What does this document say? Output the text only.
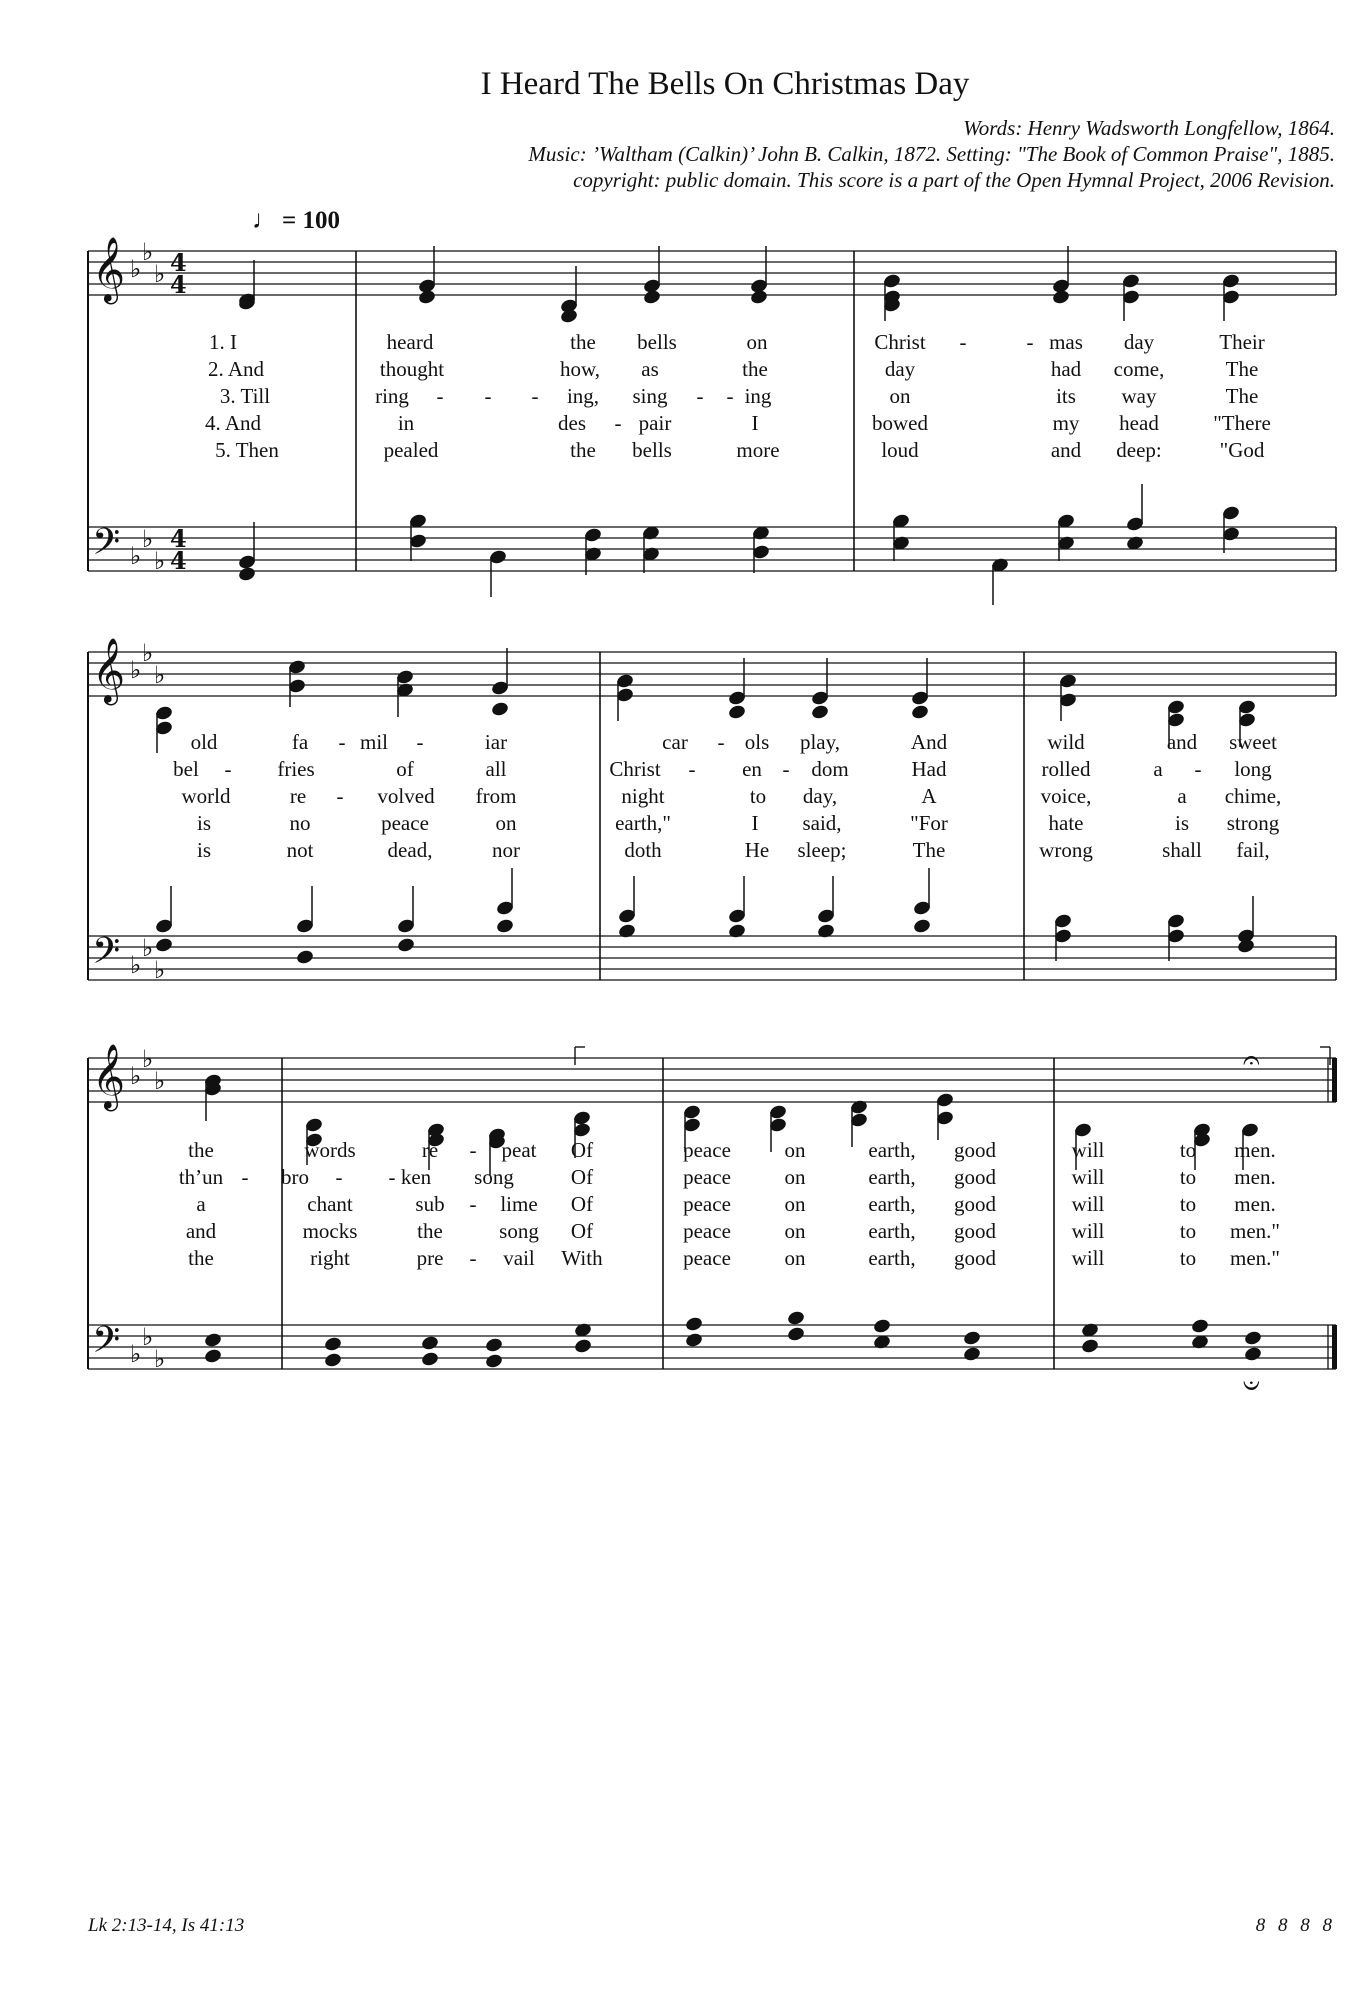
I Heard The Bells On Christmas Day
Words: Henry Wadsworth Longfellow, 1864.
Music: ’Waltham (Calkin)’ John B. Calkin, 1872. Setting: "The Book of Common Praise", 1885.
copyright: public domain. This score is a part of the Open Hymnal Project, 2006 Revision.
♩ = 100
𝄞 ♭
♭
♭ 4
4
𝄢 ♭
♭
♭
4
4
𝄞 ♭
♭
♭
𝄢 ♭
♭
♭
𝄞 ♭
♭
♭
𝄢 ♭
♭
♭
𝄐
𝄑
1. I	heard	the bells	on	Christ -	- mas day	Their
2. And	thought	how, as	the	day	had come,	The
3. Till	ring - - - ing, sing - - ing	on	its way	The
4. And	in	des - pair	I	bowed	my head	"There
5. Then	pealed	the bells	more	loud	and deep:	"God
old	fa - mil -	iar	car - ols play,	And	wild	and sweet
bel - fries	of	all	Christ - en - dom	Had	rolled	a - long
world	re - volved from	night	to day,	A	voice,	a chime,
is	no	peace	on	earth,"	I said,	"For	hate	is strong
is	not	dead,	nor	doth	He sleep;	The	wrong	shall fail,
the	words	re - peat Of	peace	on	earth, good	will	to men.
th’un - bro - - ken song	Of	peace	on	earth, good	will	to men.
a	chant	sub - lime Of	peace	on	earth, good	will	to men.
and	mocks	the	song Of	peace	on	earth, good	will	to men."
the	right	pre - vail With	peace	on	earth, good	will	to men."
Lk 2:13-14, Is 41:13	8 8 8 8
